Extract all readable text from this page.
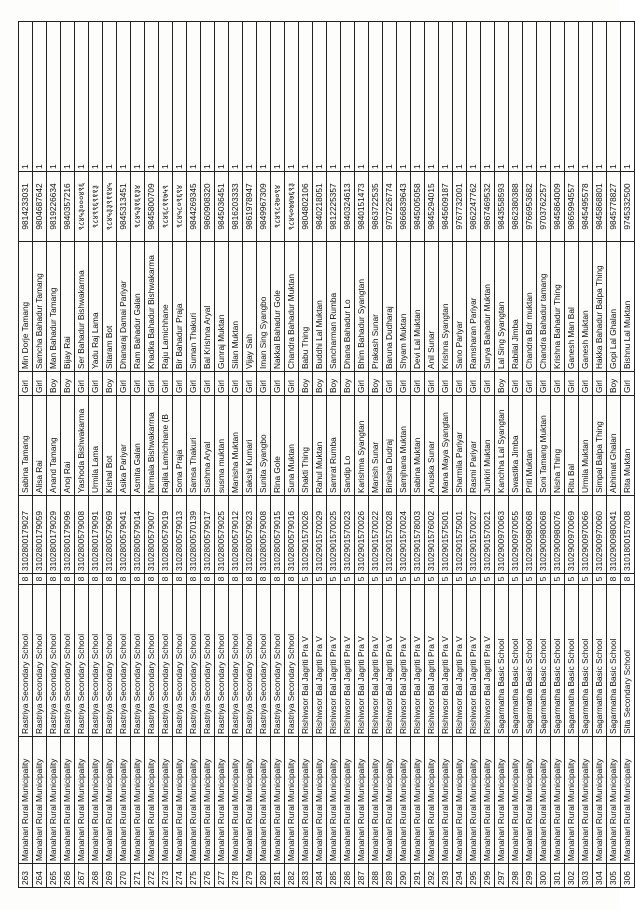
263	Manahari Rural Municipality	Rastriya Secondary School	8	3102800179027	Sabina Tamang	Girl	Min Dorje Tamang	9814233031	1
264	Manahari Rural Municipality	Rastriya Secondary School	8	3102800179059	Alisa Rai	Girl	Samcha Bahadur Tamang	9804687642	1
265	Manahari Rural Municipality	Rastriya Secondary School	8	3102800179029	Anand Tamang	Boy	Man Bahadur Tamang	9819226634	1
266	Manahari Rural Municipality	Rastriya Secondary School	8	3102800179096	Anoj Rai	Boy	Bijay Rai	9840357216	1
267	Manahari Rural Municipality	Rastriya Secondary School	8	3102800579008	Yashoda Bishwakarma	Girl	Ser Bahadur Bishwakarma	९८४५३०००४९६	1
268	Manahari Rural Municipality	Rastriya Secondary School	8	3102800179091	Urmila Lama	Girl	Yadu Raj Lama	९८४९९६९११३	1
269	Manahari Rural Municipality	Rastriya Secondary School	8	3102800579069	Kishal Bot	Boy	Sitaram Bot	९८४५३३९११४५	1
270	Manahari Rural Municipality	Rastriya Secondary School	8	3102800579041	Asika Pariyar	Girl	Dhanaraj Damai Pariyar	9845313451	1
271	Manahari Rural Municipality	Rastriya Secondary School	8	3102800579014	Asmita Galan	Girl	Ram Bahadur Galan	९८४५३१६१३४	1
272	Manahari Rural Municipality	Rastriya Secondary School	8	3102800579007	Nirmala Bishwakarma	Girl	Khadka Bahadur Bishwakarma	9845800709	1
273	Manahari Rural Municipality	Rastriya Secondary School	8	3102800579019	Rajila Lamichhane (B	Girl	Raju Lamichhane	९८४६८११७५९	1
274	Manahari Rural Municipality	Rastriya Secondary School	8	3102800579013	Soma Praja	Girl	Bir Bahadur Praja	९८४५८०९६९४	1
275	Manahari Rural Municipality	Rastriya Secondary School	8	3102800570139	Samsa Thakuri	Girl	Suman Thakuri	9844269345	1
276	Manahari Rural Municipality	Rastriya Secondary School	8	3102800579017	Sushma Aryal	Girl	Bal Krishna Aryal	9860908320	1
277	Manahari Rural Municipality	Rastriya Secondary School	8	3102800579025	susma muktan	Girl	Gunraj Muktan	9845036451	1
278	Manahari Rural Municipality	Rastriya Secondary School	8	3102800579012	Manisha Muktan	Girl	Silan Muktan	9816203333	1
279	Manahari Rural Municipality	Rastriya Secondary School	8	3102800579023	Sakshi Kumari	Girl	Vijay Sah	9861978947	1
280	Manahari Rural Municipality	Rastriya Secondary School	8	3102800579008	Sunita Syangbo	Girl	Iman Sing Syangbo	9849967309	1
281	Manahari Rural Municipality	Rastriya Secondary School	8	3102800579015	Rina Gole	Girl	Nakkal Bahadur Gole	९८४९८२७०९४	1
282	Manahari Rural Municipality	Rastriya Secondary School	8	3102800579016	Suna Muktan	Girl	Chandra Bahadur Muktan	९८४५०७४७६९३	1
283	Manahari Rural Municipality	Rishiwsor Bal Jagriti Pra V	5	3102901570026	Shakti Thing	Boy	Babu Thing	9804802106	1
284	Manahari Rural Municipality	Rishiwsor Bal Jagriti Pra V	5	3102901570029	Rahul Muktan	Boy	Buddhi Lal Muktan	9840218051	1
285	Manahari Rural Municipality	Rishiwsor Bal Jagriti Pra V	5	3102901570025	Samrat Rumba	Boy	Sancharman Rumba	9812225357	1
286	Manahari Rural Municipality	Rishiwsor Bal Jagriti Pra V	5	3102901570023	Sandip Lo	Boy	Dhana Bahadur Lo	9840324613	1
287	Manahari Rural Municipality	Rishiwsor Bal Jagriti Pra V	5	3102901570026	Karishma Syangtan	Girl	Bhim Bahadur Syangtan	9840151473	1
288	Manahari Rural Municipality	Rishiwsor Bal Jagriti Pra V	5	3102901570022	Manish Sunar	Boy	Prakash Sunar	9863722535	1
289	Manahari Rural Municipality	Rishiwsor Bal Jagriti Pra V	5	3102901570028	Binisha Dudraj	Girl	Baruna Dudharaj	9707226774	1
290	Manahari Rural Municipality	Rishiwsor Bal Jagriti Pra V	5	3102901570024	Samjhana Muktan	Girl	Shyam Muktan	9866839643	1
291	Manahari Rural Municipality	Rishiwsor Bal Jagriti Pra V	5	3102901578003	Sabina Muktan	Girl	Devi Lal Muktan	9845005058	1
292	Manahari Rural Municipality	Rishiwsor Bal Jagriti Pra V	5	3102901576002	Anuska Sunar	Girl	Anil Sunar	9845294015	1
293	Manahari Rural Municipality	Rishiwsor Bal Jagriti Pra V	5	3102901575001	Mana Maya Syangtan	Girl	Krishna Syangtan	9845609187	1
294	Manahari Rural Municipality	Rishiwsor Bal Jagriti Pra V	5	3102901575001	Sharmila Pariyar	Girl	Sano Pariyar	9767732001	1
295	Manahari Rural Municipality	Rishiwsor Bal Jagriti Pra V	5	3102901570027	Rasmi Pariyar	Girl	Ramsharan Pariyar	9862247762	1
296	Manahari Rural Municipality	Rishiwsor Bal Jagriti Pra V	5	3102901570021	Junkiri Muktan	Girl	Surya Bahadur Muktan	9867469532	1
297	Manahari Rural Municipality	Sagarmatha Basic School	5	3102900970063	Kanchha Lal Syangtan	Boy	Lal Sing Syangtan	9843558593	1
298	Manahari Rural Municipality	Sagarmatha Basic School	5	3102900970055	Swastika Jimba	Girl	Rabilal Jimba	9862380388	1
299	Manahari Rural Municipality	Sagarmatha Basic School	5	3102900980068	Priti Muktan	Girl	Chandra Bdr muktan	9766953682	1
300	Manahari Rural Municipality	Sagarmatha Basic School	5	3102900980068	Soni Tamang Muktan	Girl	Chandra Bahadur tamang	9703762257	1
301	Manahari Rural Municipality	Sagarmatha Basic School	5	3102900980076	Nisha Thing	Girl	Krishna Bahadur Thing	9845864009	1
302	Manahari Rural Municipality	Sagarmatha Basic School	5	3102900970069	Ritu Bal	Girl	Ganesh Man Bal	9865994557	1
303	Manahari Rural Municipality	Sagarmatha Basic School	5	3102900970066	Urmila Muktan	Girl	Ganesh Muktan	9845495578	1
304	Manahari Rural Municipality	Sagarmatha Basic School	5	3102900970060	Simpal Balpa Thing	Girl	Hakka Bahadur Balpa Thing	9845868801	1
305	Manahari Rural Municipality	Sagarmatha Basic School	8	3102900980041	Abhimat Ghalan	Boy	Gopi Lal Ghalan	9845778827	1
306	Manahari Rural Municipality	Sita Secondary School	8	3101800157008	Rita Muktan	Girl	Bishnu Lal Muktan	9745332500	1
